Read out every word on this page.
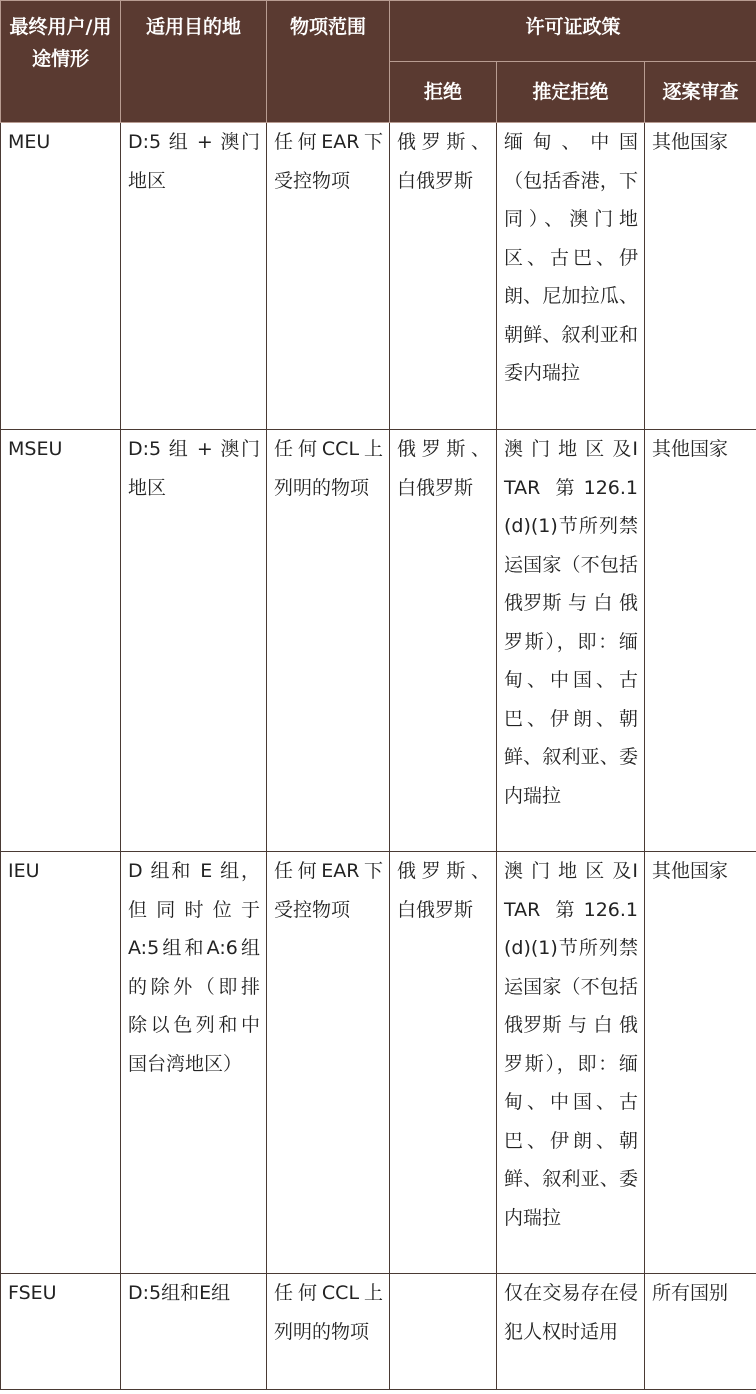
最终用户/用途情形	适用目的地	物项范围	许可证政策		
			拒绝	推定拒绝	逐案审查
MEU	D:5 组 + 澳门地区	任何EAR下受控物项	俄罗斯、白俄罗斯	缅 甸 、 中 国（包括香港，下同）、澳门地区、古巴、伊朗、尼加拉瓜、朝鲜、叙利亚和委内瑞拉	其他国家
MSEU	D:5 组 + 澳门地区	任何CCL上列明的物项	俄罗斯、白俄罗斯	澳 门 地 区 及ITAR 第126.1(d)(1)节所列禁运国家（不包括俄罗斯 与 白 俄 罗斯），即：缅甸、中国、古巴、伊朗、朝鲜、叙利亚、委内瑞拉	其他国家
IEU	D 组和 E 组，但 同 时 位 于A:5组和A:6组的除外（即排除以色列和中国台湾地区）	任何EAR下受控物项	俄罗斯、白俄罗斯	澳 门 地 区 及ITAR 第126.1(d)(1)节所列禁运国家（不包括俄罗斯 与 白 俄 罗斯），即：缅甸、中国、古巴、伊朗、朝鲜、叙利亚、委内瑞拉	其他国家
FSEU	D:5组和E组	任何CCL上列明的物项		仅在交易存在侵犯人权时适用	所有国别
